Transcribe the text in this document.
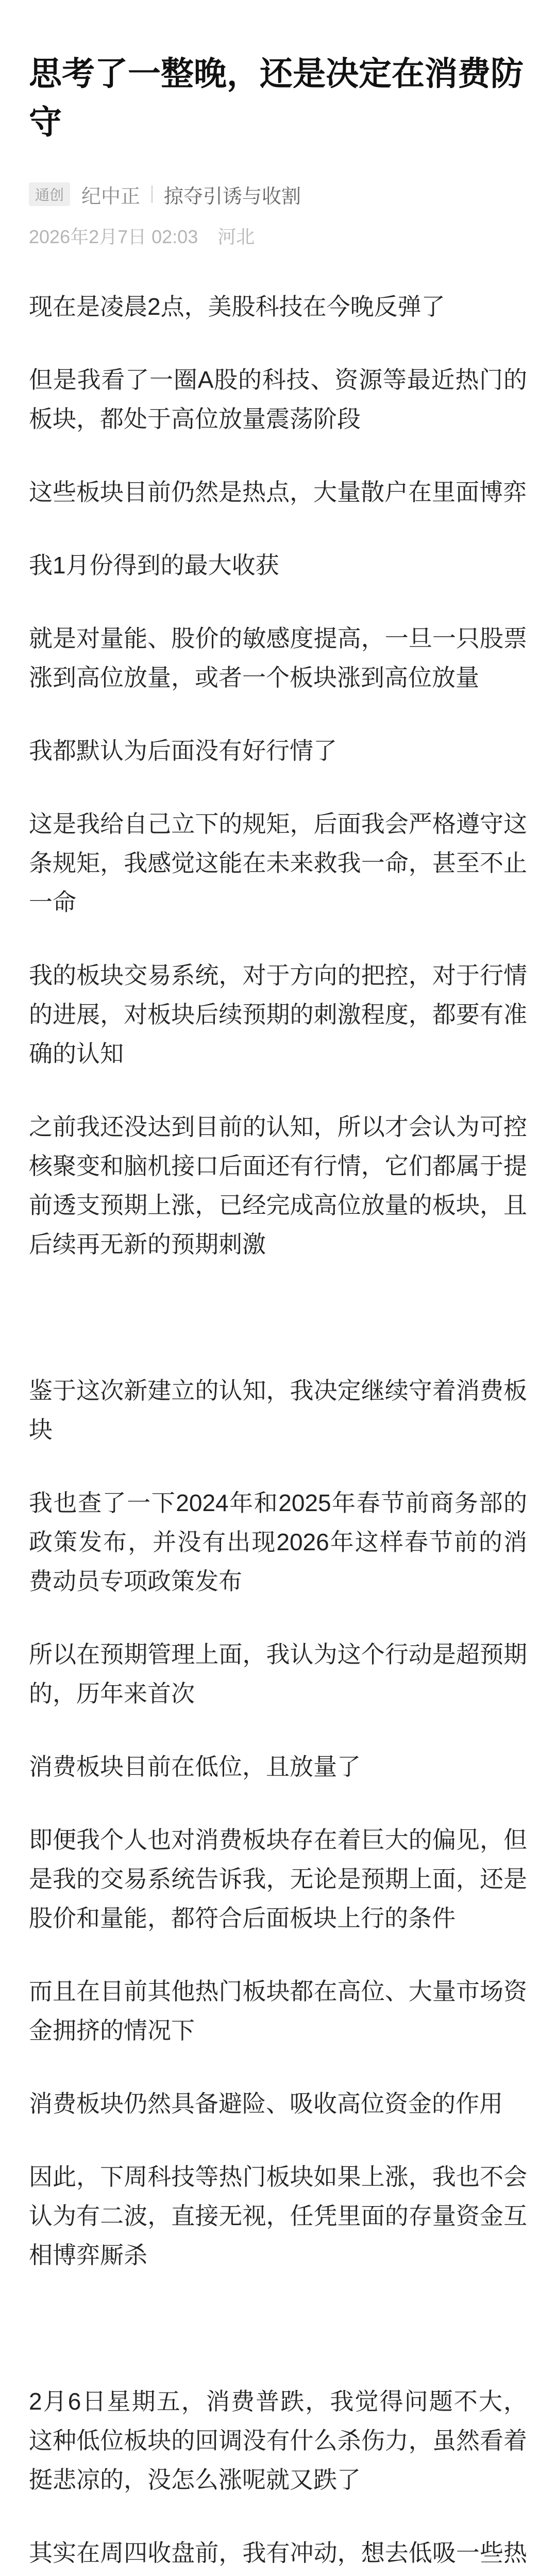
思考了一整晚，还是决定在消费防守
通创 纪中正 掠夺引诱与收割
2026年2月7日 02:03 河北

现在是凌晨2点，美股科技在今晚反弹了

但是我看了一圈A股的科技、资源等最近热门的板块，都处于高位放量震荡阶段

这些板块目前仍然是热点，大量散户在里面博弈

我1月份得到的最大收获

就是对量能、股价的敏感度提高，一旦一只股票涨到高位放量，或者一个板块涨到高位放量

我都默认为后面没有好行情了

这是我给自己立下的规矩，后面我会严格遵守这条规矩，我感觉这能在未来救我一命，甚至不止一命

我的板块交易系统，对于方向的把控，对于行情的进展，对板块后续预期的刺激程度，都要有准确的认知

之前我还没达到目前的认知，所以才会认为可控核聚变和脑机接口后面还有行情，它们都属于提前透支预期上涨，已经完成高位放量的板块，且后续再无新的预期刺激

鉴于这次新建立的认知，我决定继续守着消费板块

我也查了一下2024年和2025年春节前商务部的政策发布，并没有出现2026年这样春节前的消费动员专项政策发布

所以在预期管理上面，我认为这个行动是超预期的，历年来首次

消费板块目前在低位，且放量了

即便我个人也对消费板块存在着巨大的偏见，但是我的交易系统告诉我，无论是预期上面，还是股价和量能，都符合后面板块上行的条件

而且在目前其他热门板块都在高位、大量市场资金拥挤的情况下

消费板块仍然具备避险、吸收高位资金的作用

因此，下周科技等热门板块如果上涨，我也不会认为有二波，直接无视，任凭里面的存量资金互相博弈厮杀

2月6日星期五，消费普跌，我觉得问题不大，这种低位板块的回调没有什么杀伤力，虽然看着挺悲凉的，没怎么涨呢就又跌了

其实在周四收盘前，我有冲动，想去低吸一些热
